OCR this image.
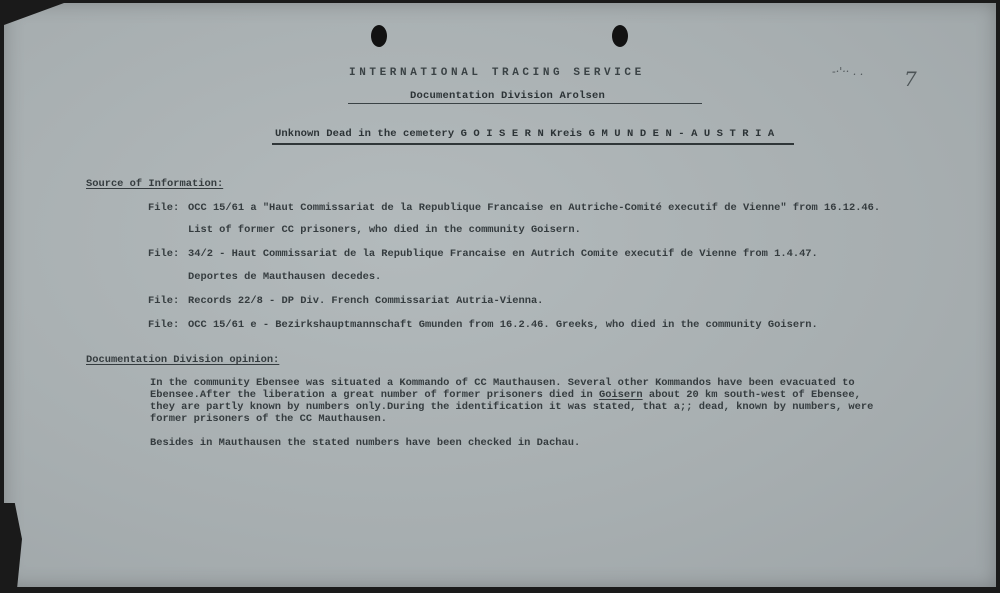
-·'·· . . 7
INTERNATIONAL TRACING SERVICE
Documentation Division Arolsen
Unknown Dead in the cemetery G O I S E R N Kreis G M U N D E N - A U S T R I A
Source of Information:
File: OCC 15/61 a "Haut Commissariat de la Republique Francaise en Autriche-Comité executif de Vienne" from 16.12.46.
List of former CC prisoners, who died in the community Goisern.
File: 34/2 - Haut Commissariat de la Republique Francaise en Autrich Comite executif de Vienne from 1.4.47.
Deportes de Mauthausen decedes.
File: Records 22/8 - DP Div. French Commissariat Autria-Vienna.
File: OCC 15/61 e - Bezirkshauptmannschaft Gmunden from 16.2.46. Greeks, who died in the community Goisern.
Documentation Division opinion:
In the community Ebensee was situated a Kommando of CC Mauthausen. Several other Kommandos have been evacuated to
Ebensee.After the liberation a great number of former prisoners died in Goisern about 20 km south-west of Ebensee,
they are partly known by numbers only.During the identification it was stated, that a;; dead, known by numbers, were
former prisoners of the CC Mauthausen.
Besides in Mauthausen the stated numbers have been checked in Dachau.
